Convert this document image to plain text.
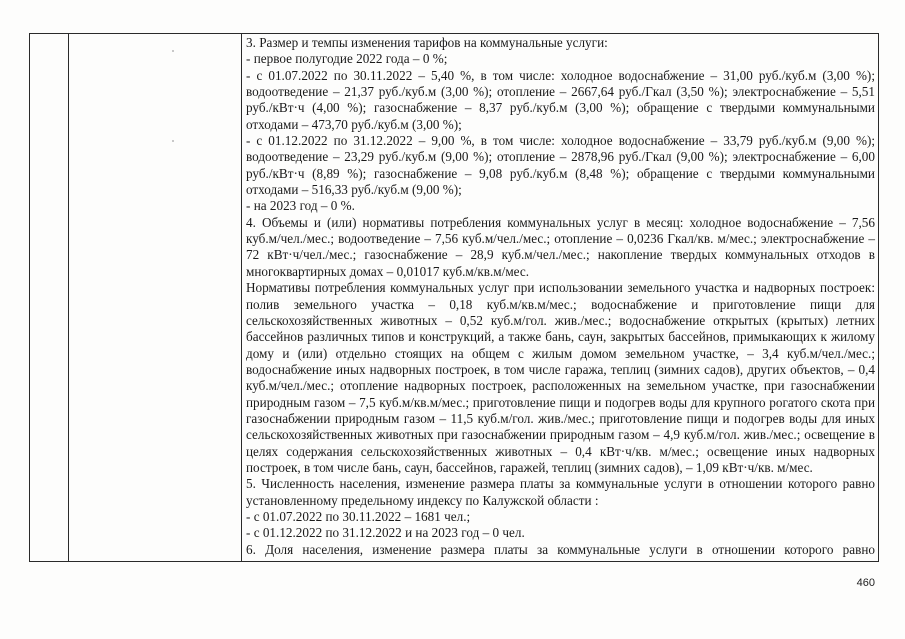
3. Размер и темпы изменения тарифов на коммунальные услуги:

- первое полугодие 2022 года – 0 %;

- с 01.07.2022 по 30.11.2022 – 5,40 %, в том числе: холодное водоснабжение – 31,00 руб./куб.м (3,00 %); водоотведение – 21,37 руб./куб.м (3,00 %); отопление – 2667,64 руб./Гкал (3,50 %); электроснабжение – 5,51 руб./кВт·ч (4,00 %); газоснабжение – 8,37 руб./куб.м (3,00 %); обращение с твердыми коммунальными отходами – 473,70 руб./куб.м (3,00 %);

- с 01.12.2022 по 31.12.2022 – 9,00 %, в том числе: холодное водоснабжение – 33,79 руб./куб.м (9,00 %); водоотведение – 23,29 руб./куб.м (9,00 %); отопление – 2878,96 руб./Гкал (9,00 %); электроснабжение – 6,00 руб./кВт·ч (8,89 %); газоснабжение – 9,08 руб./куб.м (8,48 %); обращение с твердыми коммунальными отходами – 516,33 руб./куб.м (9,00 %);

- на 2023 год – 0 %.

4. Объемы и (или) нормативы потребления коммунальных услуг в месяц: холодное водоснабжение – 7,56 куб.м/чел./мес.; водоотведение – 7,56 куб.м/чел./мес.; отопление – 0,0236 Гкал/кв. м/мес.; электроснабжение – 72 кВт·ч/чел./мес.; газоснабжение – 28,9 куб.м/чел./мес.; накопление твердых коммунальных отходов в многоквартирных домах – 0,01017 куб.м/кв.м/мес.

Нормативы потребления коммунальных услуг при использовании земельного участка и надворных построек: полив земельного участка – 0,18 куб.м/кв.м/мес.; водоснабжение и приготовление пищи для сельскохозяйственных животных – 0,52 куб.м/гол. жив./мес.; водоснабжение открытых (крытых) летних бассейнов различных типов и конструкций, а также бань, саун, закрытых бассейнов, примыкающих к жилому дому и (или) отдельно стоящих на общем с жилым домом земельном участке, – 3,4 куб.м/чел./мес.; водоснабжение иных надворных построек, в том числе гаража, теплиц (зимних садов), других объектов, – 0,4 куб.м/чел./мес.; отопление надворных построек, расположенных на земельном участке, при газоснабжении природным газом – 7,5 куб.м/кв.м/мес.; приготовление пищи и подогрев воды для крупного рогатого скота при газоснабжении природным газом – 11,5 куб.м/гол. жив./мес.; приготовление пищи и подогрев воды для иных сельскохозяйственных животных при газоснабжении природным газом – 4,9 куб.м/гол. жив./мес.; освещение в целях содержания сельскохозяйственных животных – 0,4 кВт·ч/кв. м/мес.; освещение иных надворных построек, в том числе бань, саун, бассейнов, гаражей, теплиц (зимних садов), – 1,09 кВт·ч/кв. м/мес.

5. Численность населения, изменение размера платы за коммунальные услуги в отношении которого равно установленному предельному индексу по Калужской области :

- с 01.07.2022 по 30.11.2022 – 1681 чел.;

- с 01.12.2022 по 31.12.2022 и на 2023 год – 0 чел.

6. Доля населения, изменение размера платы за коммунальные услуги в отношении которого равно

460
